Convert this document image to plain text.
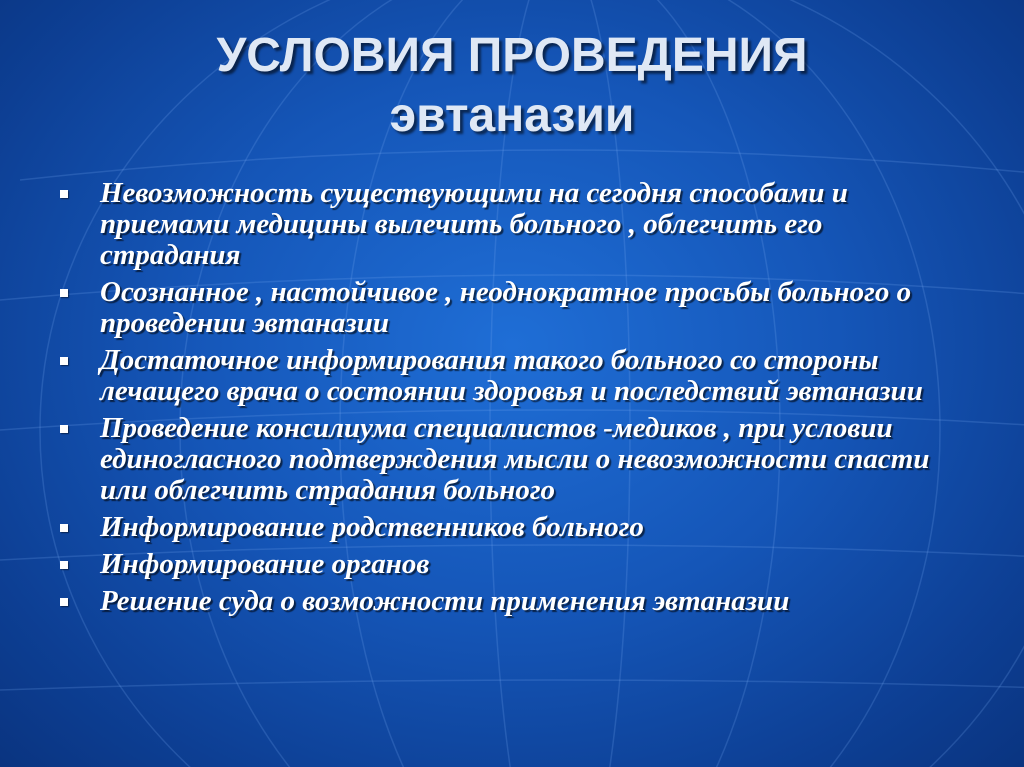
УСЛОВИЯ ПРОВЕДЕНИЯ
эвтаназии
Невозможность существующими на сегодня способами и приемами медицины вылечить больного , облегчить его страдания
Осознанное , настойчивое , неоднократное просьбы больного о проведении эвтаназии
Достаточное информирования такого больного со стороны лечащего врача о состоянии здоровья и последствий эвтаназии
Проведение консилиума специалистов -медиков , при условии единогласного подтверждения мысли о невозможности спасти или облегчить страдания больного
Информирование родственников больного
Информирование органов
Решение суда о возможности применения эвтаназии
